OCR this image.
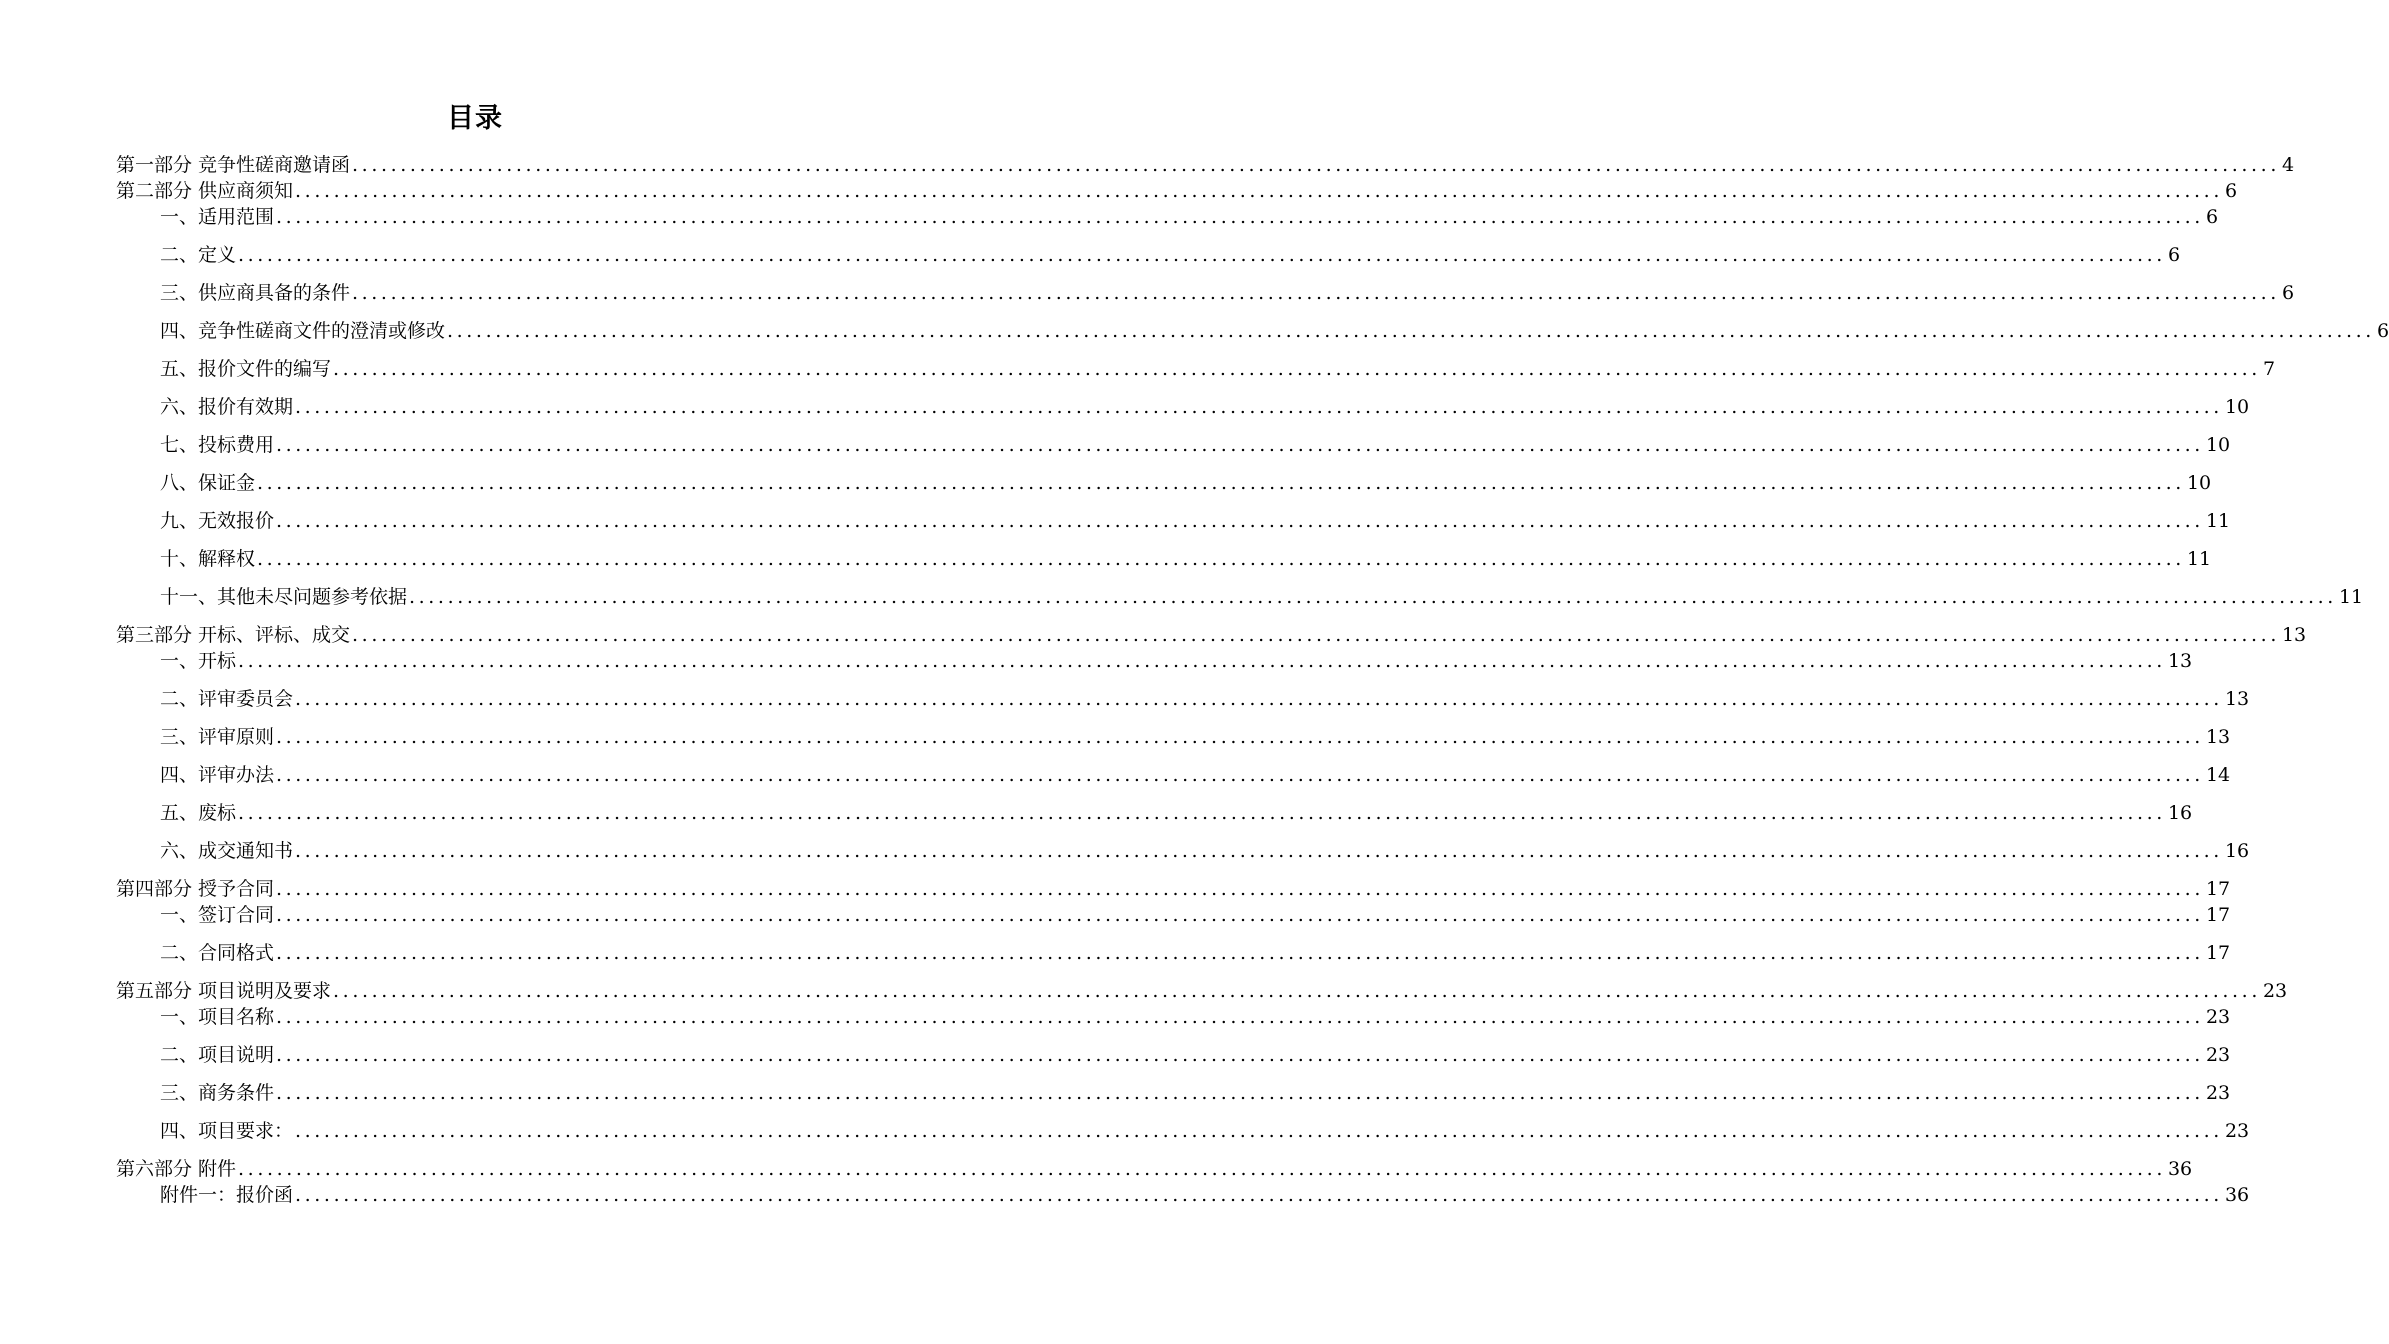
目录
第一部分 竞争性磋商邀请函 ........................................................................................................................................................................................................ 4
第二部分 供应商须知 ........................................................................................................................................................................................................ 6
一、适用范围 ........................................................................................................................................................................................................ 6
二、定义 ........................................................................................................................................................................................................ 6
三、供应商具备的条件 ........................................................................................................................................................................................................ 6
四、竞争性磋商文件的澄清或修改 ........................................................................................................................................................................................................ 6
五、报价文件的编写 ........................................................................................................................................................................................................ 7
六、报价有效期 ........................................................................................................................................................................................................ 10
七、投标费用 ........................................................................................................................................................................................................ 10
八、保证金 ........................................................................................................................................................................................................ 10
九、无效报价 ........................................................................................................................................................................................................ 11
十、解释权 ........................................................................................................................................................................................................ 11
十一、其他未尽问题参考依据 ........................................................................................................................................................................................................ 11
第三部分 开标、评标、成交 ........................................................................................................................................................................................................ 13
一、开标 ........................................................................................................................................................................................................ 13
二、评审委员会 ........................................................................................................................................................................................................ 13
三、评审原则 ........................................................................................................................................................................................................ 13
四、评审办法 ........................................................................................................................................................................................................ 14
五、废标 ........................................................................................................................................................................................................ 16
六、成交通知书 ........................................................................................................................................................................................................ 16
第四部分 授予合同 ........................................................................................................................................................................................................ 17
一、签订合同 ........................................................................................................................................................................................................ 17
二、合同格式 ........................................................................................................................................................................................................ 17
第五部分 项目说明及要求 ........................................................................................................................................................................................................ 23
一、项目名称 ........................................................................................................................................................................................................ 23
二、项目说明 ........................................................................................................................................................................................................ 23
三、商务条件 ........................................................................................................................................................................................................ 23
四、项目要求： ........................................................................................................................................................................................................ 23
第六部分 附件 ........................................................................................................................................................................................................ 36
附件一：报价函 ........................................................................................................................................................................................................ 36
